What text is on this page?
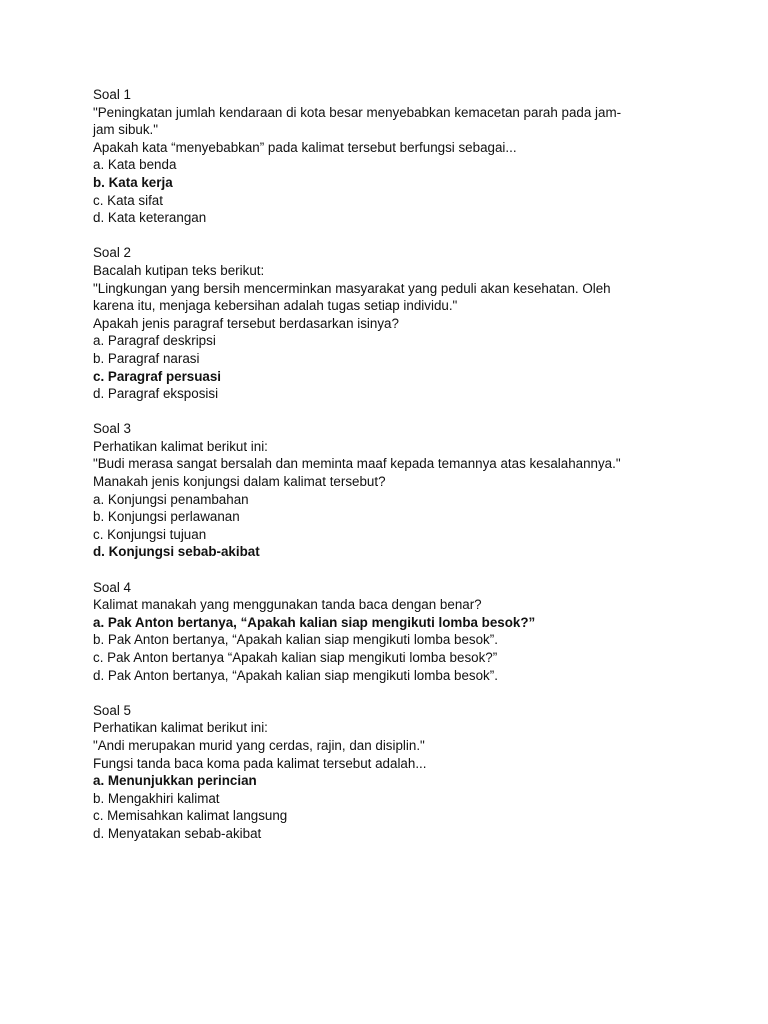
Soal 1
"Peningkatan jumlah kendaraan di kota besar menyebabkan kemacetan parah pada jam-
jam sibuk."
Apakah kata “menyebabkan” pada kalimat tersebut berfungsi sebagai...
a. Kata benda
b. Kata kerja
c. Kata sifat
d. Kata keterangan
Soal 2
Bacalah kutipan teks berikut:
"Lingkungan yang bersih mencerminkan masyarakat yang peduli akan kesehatan. Oleh
karena itu, menjaga kebersihan adalah tugas setiap individu."
Apakah jenis paragraf tersebut berdasarkan isinya?
a. Paragraf deskripsi
b. Paragraf narasi
c. Paragraf persuasi
d. Paragraf eksposisi
Soal 3
Perhatikan kalimat berikut ini:
"Budi merasa sangat bersalah dan meminta maaf kepada temannya atas kesalahannya."
Manakah jenis konjungsi dalam kalimat tersebut?
a. Konjungsi penambahan
b. Konjungsi perlawanan
c. Konjungsi tujuan
d. Konjungsi sebab-akibat
Soal 4
Kalimat manakah yang menggunakan tanda baca dengan benar?
a. Pak Anton bertanya, “Apakah kalian siap mengikuti lomba besok?”
b. Pak Anton bertanya, “Apakah kalian siap mengikuti lomba besok”.
c. Pak Anton bertanya “Apakah kalian siap mengikuti lomba besok?”
d. Pak Anton bertanya, “Apakah kalian siap mengikuti lomba besok”.
Soal 5
Perhatikan kalimat berikut ini:
"Andi merupakan murid yang cerdas, rajin, dan disiplin."
Fungsi tanda baca koma pada kalimat tersebut adalah...
a. Menunjukkan perincian
b. Mengakhiri kalimat
c. Memisahkan kalimat langsung
d. Menyatakan sebab-akibat
